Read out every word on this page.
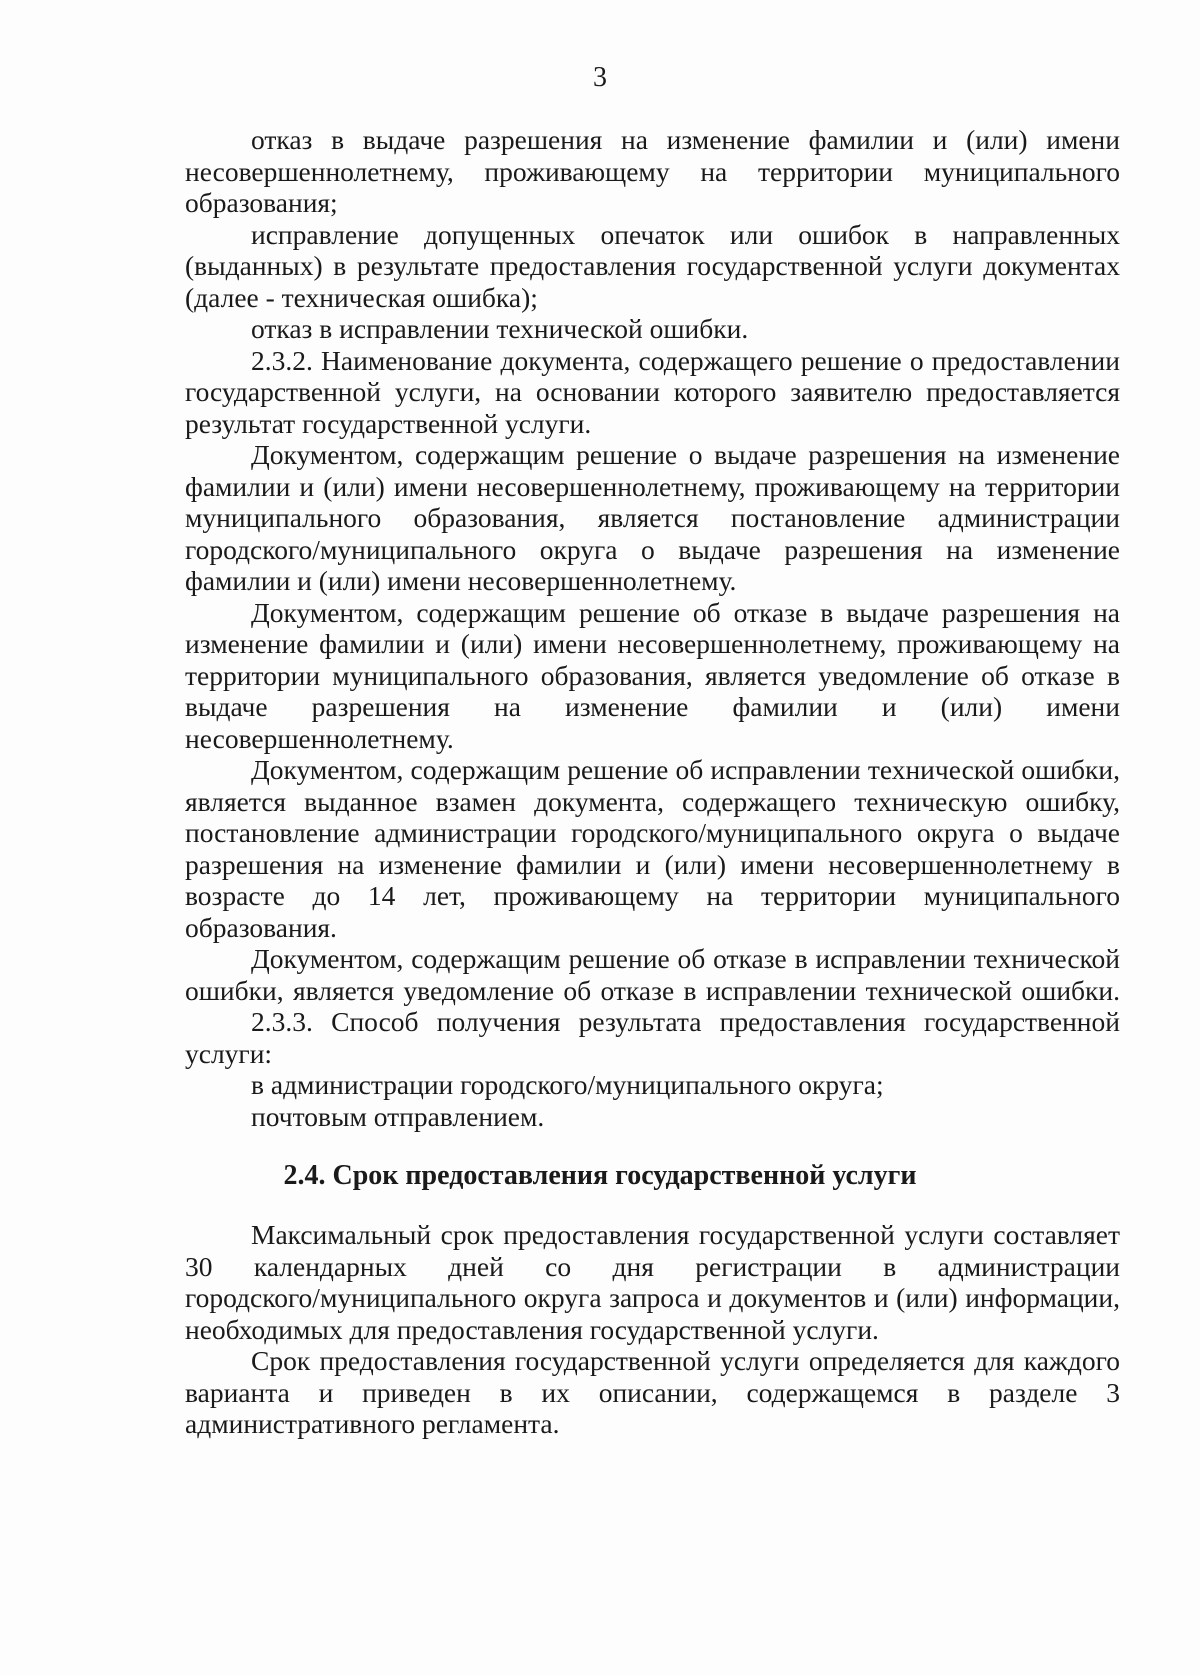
3
отказ в выдаче разрешения на изменение фамилии и (или) имени
несовершеннолетнему, проживающему на территории муниципального
образования;
исправление допущенных опечаток или ошибок в направленных
(выданных) в результате предоставления государственной услуги документах
(далее - техническая ошибка);
отказ в исправлении технической ошибки.
2.3.2. Наименование документа, содержащего решение о предоставлении
государственной услуги, на основании которого заявителю предоставляется
результат государственной услуги.
Документом, содержащим решение о выдаче разрешения на изменение
фамилии и (или) имени несовершеннолетнему, проживающему на территории
муниципального образования, является постановление администрации
городского/муниципального округа о выдаче разрешения на изменение
фамилии и (или) имени несовершеннолетнему.
Документом, содержащим решение об отказе в выдаче разрешения на
изменение фамилии и (или) имени несовершеннолетнему, проживающему на
территории муниципального образования, является уведомление об отказе в
выдаче разрешения на изменение фамилии и (или) имени
несовершеннолетнему.
Документом, содержащим решение об исправлении технической ошибки,
является выданное взамен документа, содержащего техническую ошибку,
постановление администрации городского/муниципального округа о выдаче
разрешения на изменение фамилии и (или) имени несовершеннолетнему в
возрасте до 14 лет, проживающему на территории муниципального
образования.
Документом, содержащим решение об отказе в исправлении технической
ошибки, является уведомление об отказе в исправлении технической ошибки.
2.3.3. Способ получения результата предоставления государственной
услуги:
в администрации городского/муниципального округа;
почтовым отправлением.
2.4. Срок предоставления государственной услуги
Максимальный срок предоставления государственной услуги составляет
30 календарных дней со дня регистрации в администрации
городского/муниципального округа запроса и документов и (или) информации,
необходимых для предоставления государственной услуги.
Срок предоставления государственной услуги определяется для каждого
варианта и приведен в их описании, содержащемся в разделе 3
административного регламента.
